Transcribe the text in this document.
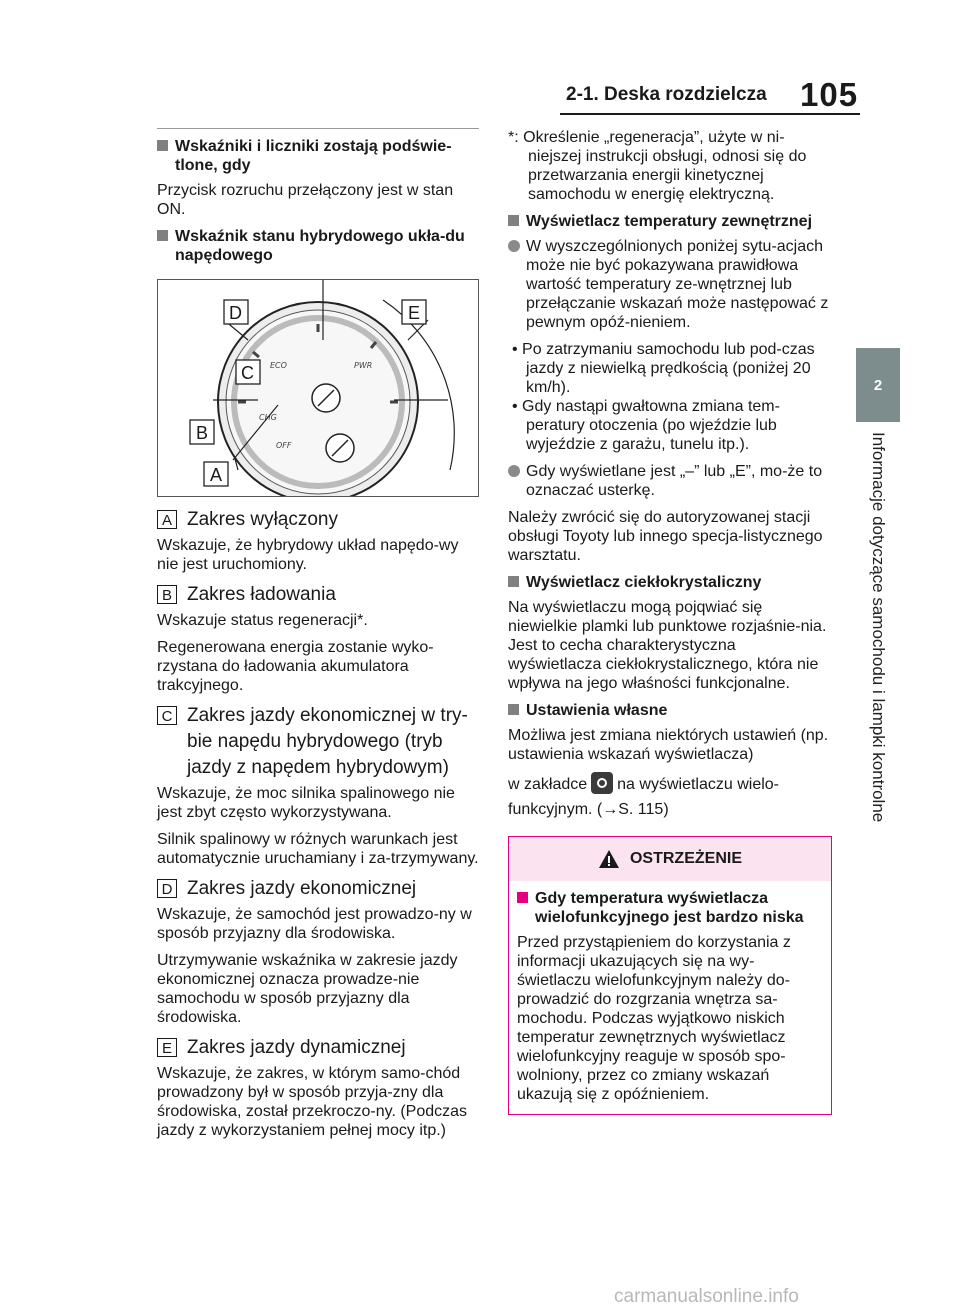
2-1. Deska rozdzielcza 105
2
Informacje dotyczące samochodu i lampki kontrolne
Wskaźniki i liczniki zostają podświe-tlone, gdy
Przycisk rozruchu przełączony jest w stan ON.
Wskaźnik stanu hybrydowego ukła-du napędowego
ECO	PWR
CHG
OFF
D	E
C
B
A
A Zakres wyłączony
Wskazuje, że hybrydowy układ napędo-wy nie jest uruchomiony.
B Zakres ładowania
Wskazuje status regeneracji*.
Regenerowana energia zostanie wyko-rzystana do ładowania akumulatora trakcyjnego.
C Zakres jazdy ekonomicznej w try-bie napędu hybrydowego (tryb jazdy z napędem hybrydowym)
Wskazuje, że moc silnika spalinowego nie jest zbyt często wykorzystywana.
Silnik spalinowy w różnych warunkach jest automatycznie uruchamiany i za-trzymywany.
D Zakres jazdy ekonomicznej
Wskazuje, że samochód jest prowadzo-ny w sposób przyjazny dla środowiska.
Utrzymywanie wskaźnika w zakresie jazdy ekonomicznej oznacza prowadze-nie samochodu w sposób przyjazny dla środowiska.
E Zakres jazdy dynamicznej
Wskazuje, że zakres, w którym samo-chód prowadzony był w sposób przyja-zny dla środowiska, został przekroczo-ny. (Podczas jazdy z wykorzystaniem pełnej mocy itp.)
*: Określenie „regeneracja”, użyte w ni-niejszej instrukcji obsługi, odnosi się do przetwarzania energii kinetycznej samochodu w energię elektryczną.
Wyświetlacz temperatury zewnętrznej
W wyszczególnionych poniżej sytu-acjach może nie być pokazywana prawidłowa wartość temperatury ze-wnętrznej lub przełączanie wskazań może następować z pewnym opóź-nieniem.
• Po zatrzymaniu samochodu lub pod-czas jazdy z niewielką prędkością (poniżej 20 km/h).
• Gdy nastąpi gwałtowna zmiana tem-peratury otoczenia (po wjeździe lub wyjeździe z garażu, tunelu itp.).
Gdy wyświetlane jest „–” lub „E”, mo-że to oznaczać usterkę.
Należy zwrócić się do autoryzowanej stacji obsługi Toyoty lub innego specja-listycznego warsztatu.
Wyświetlacz ciekłokrystaliczny
Na wyświetlaczu mogą pojqwiać się niewielkie plamki lub punktowe rozjaśnie-nia. Jest to cecha charakterystyczna wyświetlacza ciekłokrystalicznego, która nie wpływa na jego właśności funkcjonalne.
Ustawienia własne
Możliwa jest zmiana niektórych ustawień (np. ustawienia wskazań wyświetlacza)
w zakładce na wyświetlaczu wielo-
funkcyjnym. (→S. 115)
OSTRZEŻENIE
Gdy temperatura wyświetlacza wielofunkcyjnego jest bardzo niska
Przed przystąpieniem do korzystania z informacji ukazujących się na wy-świetlaczu wielofunkcyjnym należy do-prowadzić do rozgrzania wnętrza sa-mochodu. Podczas wyjątkowo niskich temperatur zewnętrznych wyświetlacz wielofunkcyjny reaguje w sposób spo-wolniony, przez co zmiany wskazań ukazują się z opóźnieniem.
carmanualsonline.info
